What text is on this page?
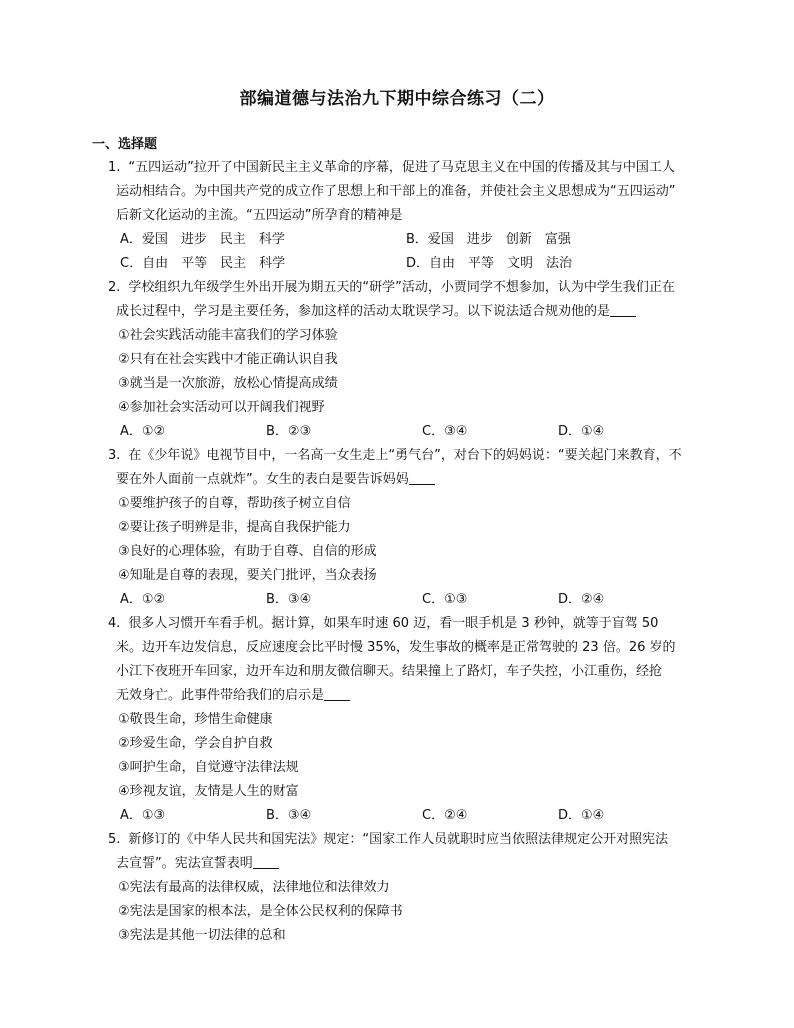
部编道德与法治九下期中综合练习（二）
一、选择题
1. “五四运动”拉开了中国新民主主义革命的序幕，促进了马克思主义在中国的传播及其与中国工人
运动相结合。为中国共产党的成立作了思想上和干部上的准备，并使社会主义思想成为“五四运动”
后新文化运动的主流。“五四运动”所孕育的精神是
A．爱国　进步　民主　科学	B．爱国　进步　创新　富强
C．自由　平等　民主　科学	D．自由　平等　文明　法治
2. 学校组织九年级学生外出开展为期五天的“研学”活动，小贾同学不想参加，认为中学生我们正在
成长过程中，学习是主要任务，参加这样的活动太耽误学习。以下说法适合规劝他的是
①社会实践活动能丰富我们的学习体验
②只有在社会实践中才能正确认识自我
③就当是一次旅游，放松心情提高成绩
④参加社会实活动可以开阔我们视野
A．①②	B．②③	C．③④	D．①④
3. 在《少年说》电视节目中，一名高一女生走上“勇气台”，对台下的妈妈说：“要关起门来教育，不
要在外人面前一点就炸”。女生的表白是要告诉妈妈
①要维护孩子的自尊，帮助孩子树立自信
②要让孩子明辨是非，提高自我保护能力
③良好的心理体验，有助于自尊、自信的形成
④知耻是自尊的表现，要关门批评，当众表扬
A．①②	B．③④	C．①③	D．②④
4. 很多人习惯开车看手机。据计算，如果车时速 60 迈，看一眼手机是 3 秒钟，就等于盲驾 50
米。边开车边发信息，反应速度会比平时慢 35%，发生事故的概率是正常驾驶的 23 倍。26 岁的
小江下夜班开车回家，边开车边和朋友微信聊天。结果撞上了路灯，车子失控，小江重伤，经抢
无效身亡。此事件带给我们的启示是
①敬畏生命，珍惜生命健康
②珍爱生命，学会自护自救
③呵护生命，自觉遵守法律法规
④珍视友谊，友情是人生的财富
A．①③	B．③④	C．②④	D．①④
5. 新修订的《中华人民共和国宪法》规定：“国家工作人员就职时应当依照法律规定公开对照宪法
去宣誓”。宪法宣誓表明
①宪法有最高的法律权威，法律地位和法律效力
②宪法是国家的根本法，是全体公民权利的保障书
③宪法是其他一切法律的总和
